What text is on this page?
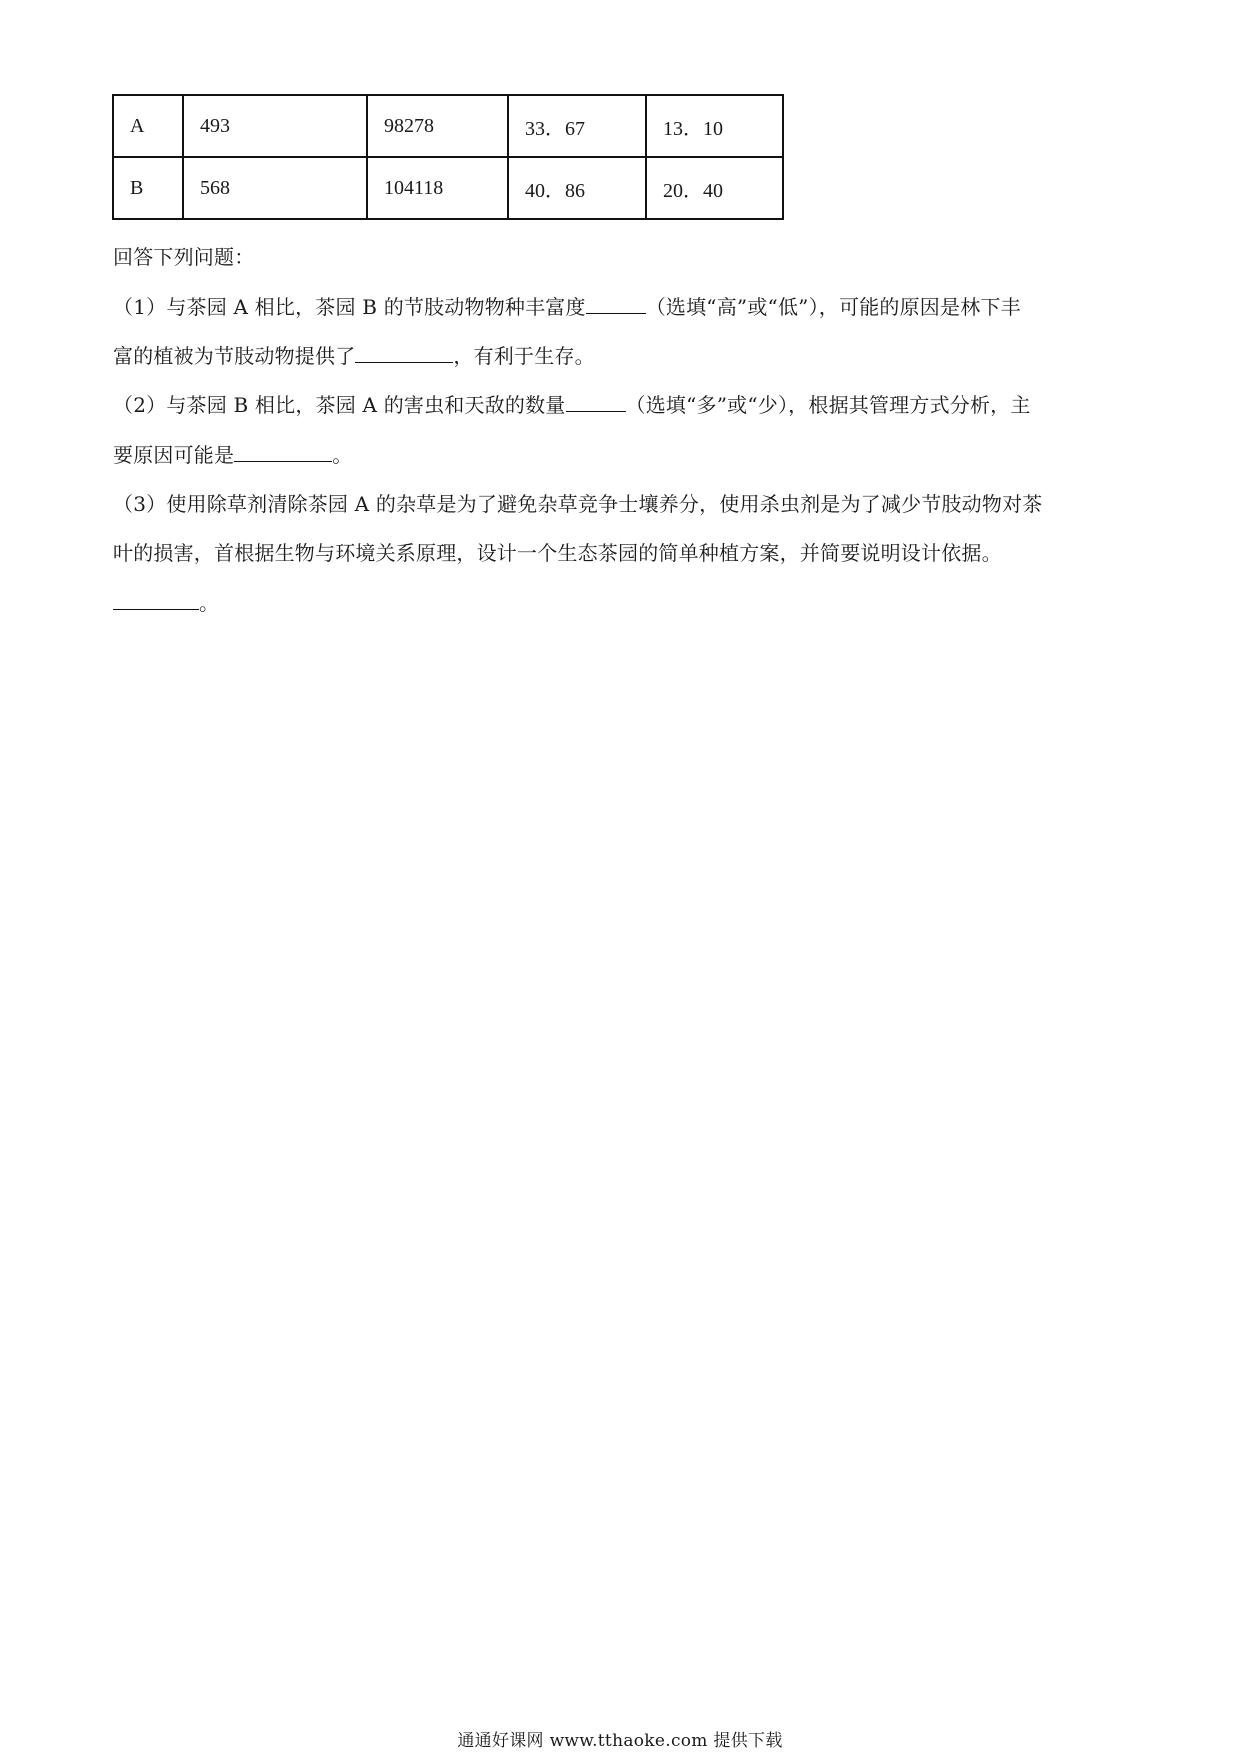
A	493	98278	33．67	13．10
B	568	104118	40．86	20．40
回答下列问题：
（1）与茶园 A 相比，茶园 B 的节肢动物物种丰富度	（选填“高”或“低”），可能的原因是林下丰
富的植被为节肢动物提供了	，有利于生存。
（2）与茶园 B 相比，茶园 A 的害虫和天敌的数量	（选填“多”或“少），根据其管理方式分析，主
要原因可能是	。
（3）使用除草剂清除茶园 A 的杂草是为了避免杂草竞争士壤养分，使用杀虫剂是为了减少节肢动物对茶
叶的损害，首根据生物与环境关系原理，设计一个生态茶园的简单种植方案，并简要说明设计依据。
。
通通好课网 www.tthaoke.com 提供下载
